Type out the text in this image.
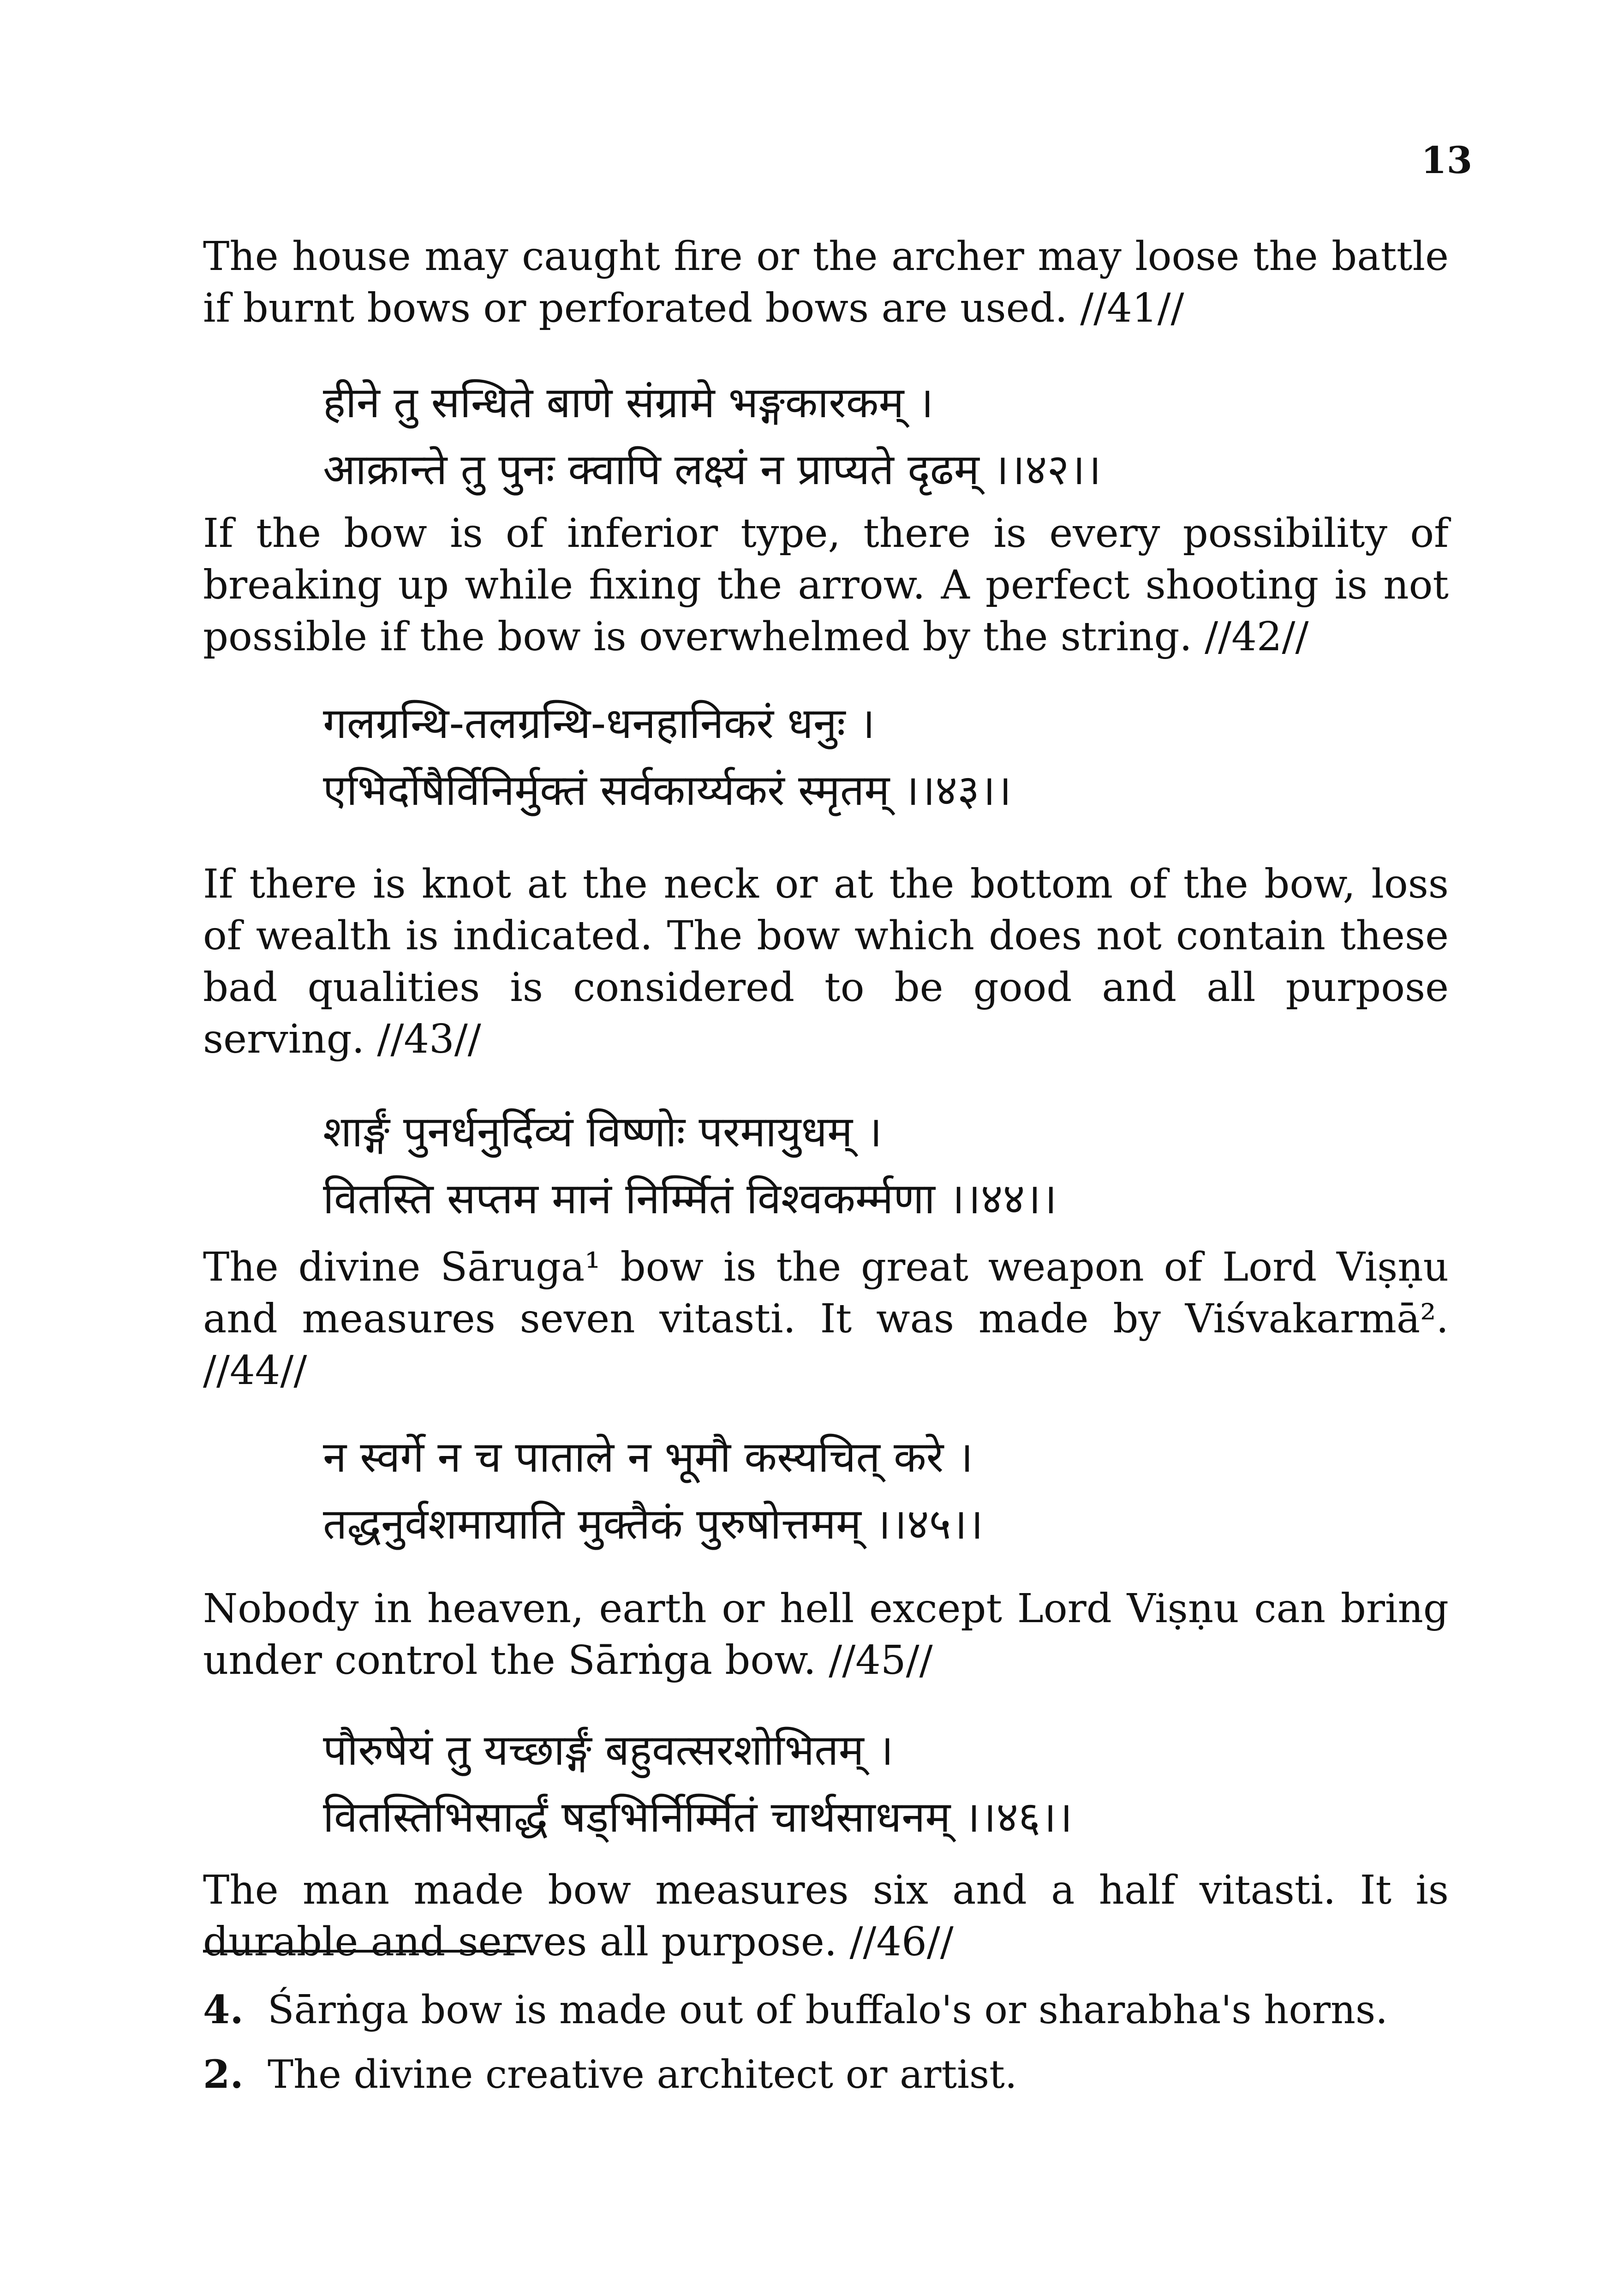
13

The house may caught fire or the archer may loose the battle if burnt bows or perforated bows are used. //41//

हीने तु सन्धिते बाणे संग्रामे भङ्गकारकम् ।
आक्रान्ते तु पुनः क्वापि लक्ष्यं न प्राप्यते दृढम् ।।४२।।

If the bow is of inferior type, there is every possibility of breaking up while fixing the arrow. A perfect shooting is not possible if the bow is overwhelmed by the string. //42//

गलग्रन्थि-तलग्रन्थि-धनहानिकरं धनुः ।
एभिर्दोषैर्विनिर्मुक्तं सर्वकार्य्यकरं स्मृतम् ।।४३।।

If there is knot at the neck or at the bottom of the bow, loss of wealth is indicated. The bow which does not contain these bad qualities is considered to be good and all purpose serving. //43//

शार्ङ्गं पुनर्धनुर्दिव्यं विष्णोः परमायुधम् ।
वितस्ति सप्तम मानं निर्म्मितं विश्वकर्म्मणा ।।४४।।

The divine Sāruga¹ bow is the great weapon of Lord Viṣṇu and measures seven vitasti. It was made by Viśvakarmā². //44//

न स्वर्गे न च पाताले न भूमौ कस्यचित् करे ।
तद्धनुर्वशमायाति मुक्तैकं पुरुषोत्तमम् ।।४५।।

Nobody in heaven, earth or hell except Lord Viṣṇu can bring under control the Sārṅga bow. //45//

पौरुषेयं तु यच्छार्ङ्गं बहुवत्सरशोभितम् ।
वितस्तिभिसार्द्धं षड्भिर्निर्म्मितं चार्थसाधनम् ।।४६।।

The man made bow measures six and a half vitasti. It is durable and serves all purpose. //46//

4. Śārṅga bow is made out of buffalo's or sharabha's horns.
2. The divine creative architect or artist.
